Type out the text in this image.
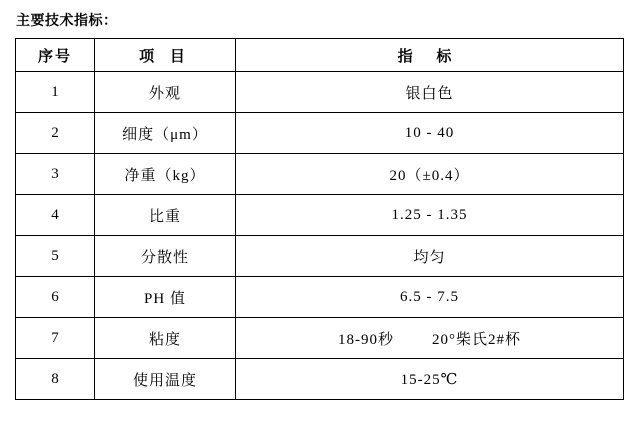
主要技术指标：
序号	项 目	指 标
1	外观	银白色
2	细度（μm）	10 - 40
3	净重（kg）	20（±0.4）
4	比重	1.25 - 1.35
5	分散性	均匀
6	PH 值	6.5 - 7.5
7	粘度	18-90秒        20°柴氏2#杯
8	使用温度	15-25℃
